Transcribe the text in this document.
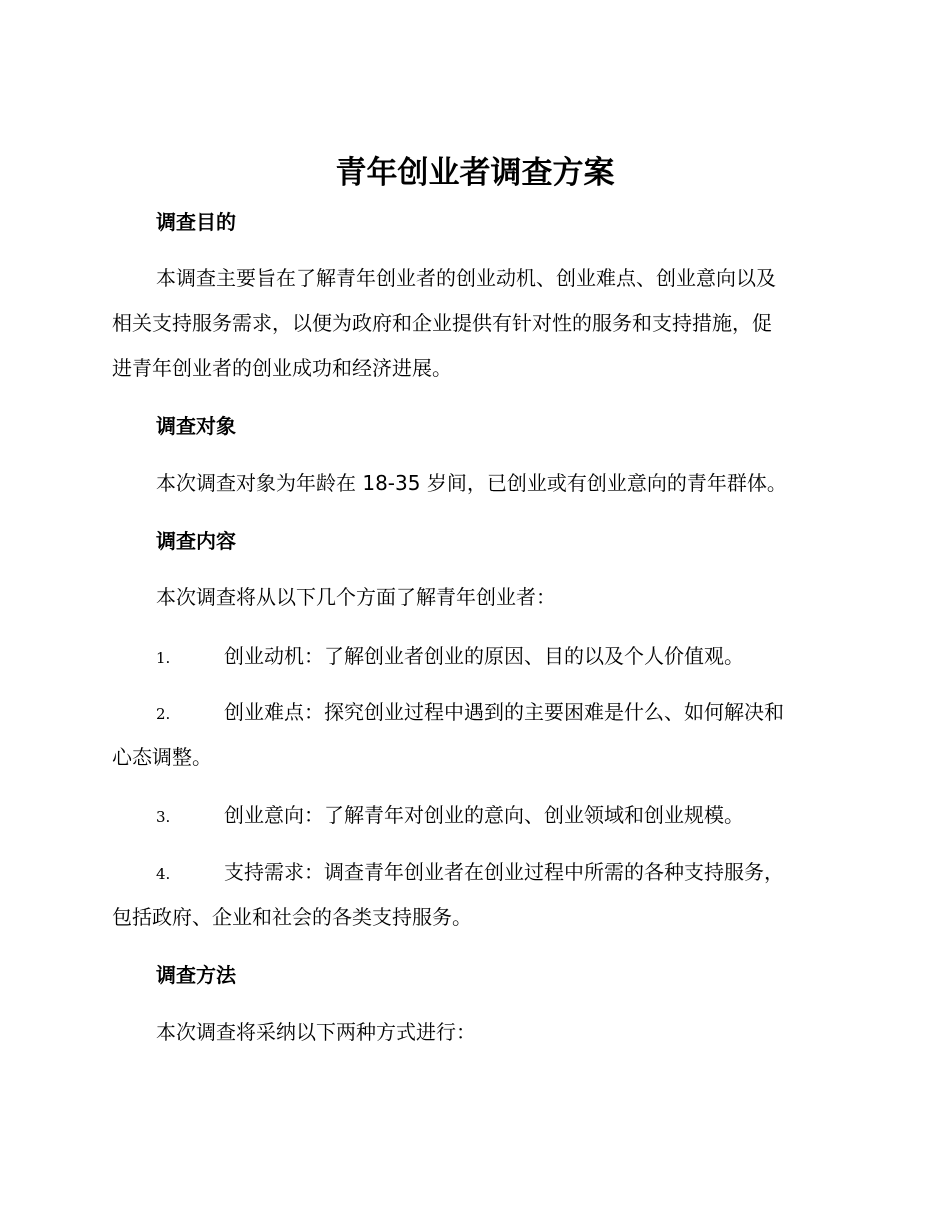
青年创业者调查方案
调查目的
本调查主要旨在了解青年创业者的创业动机、创业难点、创业意向以及
相关支持服务需求，以便为政府和企业提供有针对性的服务和支持措施，促
进青年创业者的创业成功和经济进展。
调查对象
本次调查对象为年龄在 18-35 岁间，已创业或有创业意向的青年群体。
调查内容
本次调查将从以下几个方面了解青年创业者：
1.	创业动机：了解创业者创业的原因、目的以及个人价值观。
2.	创业难点：探究创业过程中遇到的主要困难是什么、如何解决和
心态调整。
3.	创业意向：了解青年对创业的意向、创业领域和创业规模。
4.	支持需求：调查青年创业者在创业过程中所需的各种支持服务，
包括政府、企业和社会的各类支持服务。
调查方法
本次调查将采纳以下两种方式进行：
